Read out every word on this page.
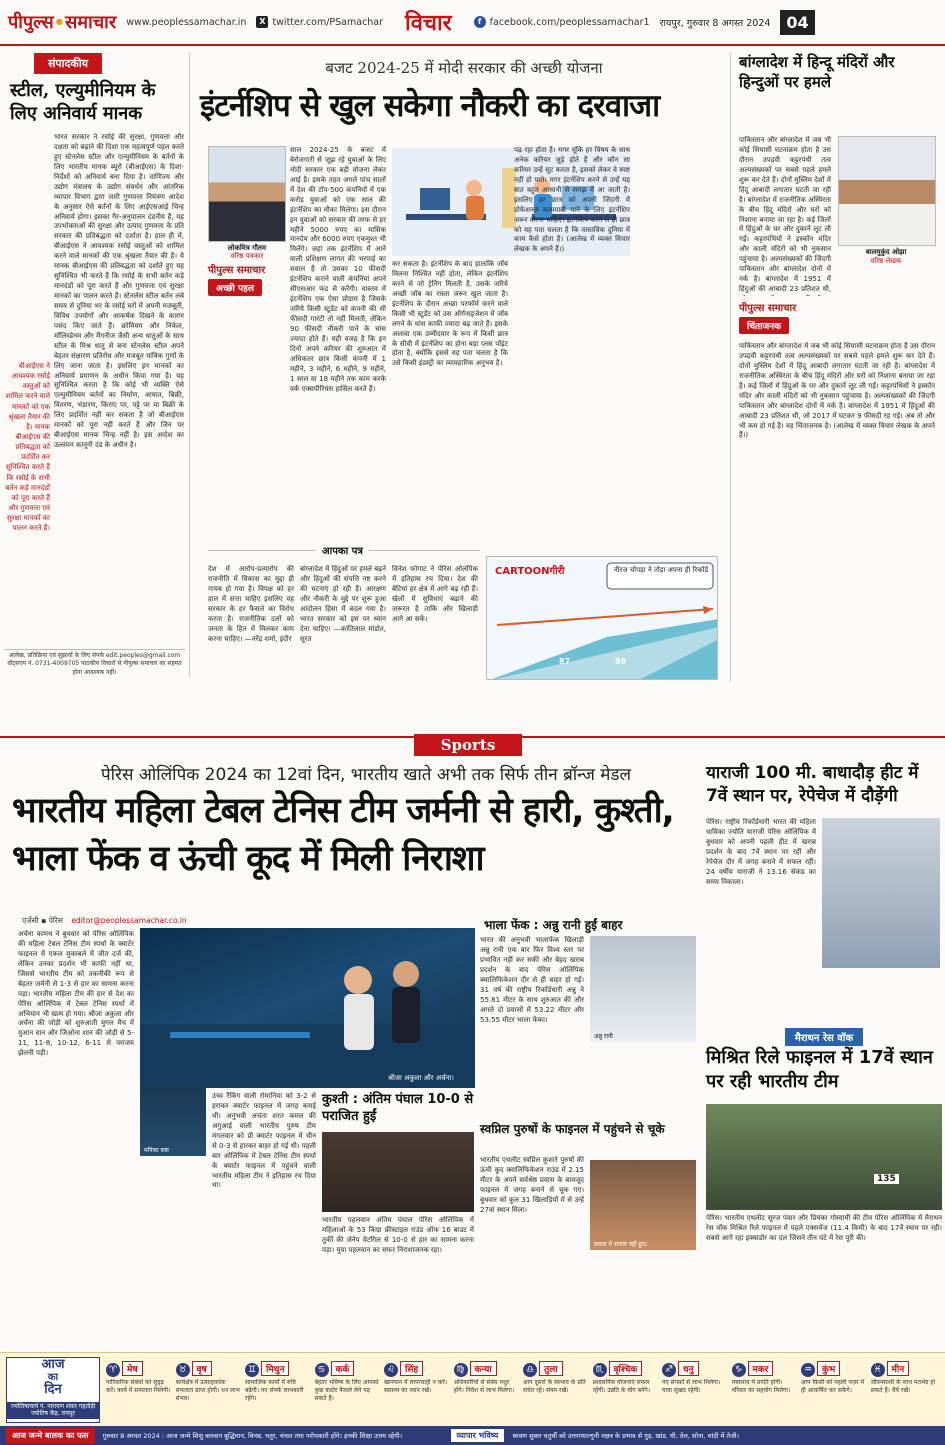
पीपुल्स•समाचार www.peoplessamachar.in	X twitter.com/PSamachar विचार	f facebook.com/peoplessamachar1 रायपुर, गुरुवार 8 अगस्त 2024	04
संपादकीय
स्टील, एल्युमीनियम के लिए अनिवार्य मानक
बीआईएस ने आवश्यक रसोई वस्तुओं को शामिल करने वाले मानकों को एक श्रृंखला तैयार की है। मानक बीआईएस की प्रतिबद्धता को प्रदर्शित कर सुनिश्चित करते हैं कि रसोई के सभी बर्तन कड़े मानदंडों को पूरा करते हैं और गुणवत्ता एवं सुरक्षा मानकों का पालन करते हैं।
भारत सरकार ने रसोई की सुरक्षा, गुणवत्ता और दक्षता को बढ़ाने की दिशा एक महत्वपूर्ण पहल करते हुए स्टेनलेस स्टील और एल्युमीनियम के बर्तनों के लिए भारतीय मानक ब्यूरो (बीआईएस) के दिशा-निर्देशों को अनिवार्य बना दिया है। वाणिज्य और उद्योग मंत्रालय के उद्योग संवर्धन और आंतरिक व्यापार विभाग द्वारा जारी गुणवत्ता नियंत्रण आदेश के अनुसार ऐसे बर्तनों के लिए आईएसआई चिन्ह अनिवार्य होगा। इसका गैर-अनुपालन दंडनीय है, यह उपभोक्ताओं की सुरक्षा और उत्पाद गुणवत्ता के प्रति सरकार की प्रतिबद्धता को दर्शाता है। हाल ही में, बीआईएस ने आवश्यक रसोई वस्तुओं को शामिल करने वाले मानकों की एक श्रृंखला तैयार की है। ये मानक बीआईएस की प्रतिबद्धता को दर्शाते हुए यह सुनिश्चित भी करते हैं कि रसोई के सभी बर्तन कड़े मानदंडों को पूरा करते हैं और गुणवत्ता एवं सुरक्षा मानकों का पालन करते हैं। स्टेनलेस स्टील बर्तन लंबे समय से दुनिया भर के रसोई घरों में अपनी मजबूती, विविध उपयोगों और आकर्षक दिखने के कारण पसंद किए जाते हैं। क्रोमियम और निकेल, मॉलिब्डेनम और मैंगनीज जैसी अन्य धातुओं के साथ स्टील के मिश्र धातु से बना स्टेनलेस स्टील अपने बेहतर संक्षारण प्रतिरोध और मजबूत यांत्रिक गुणों के लिए जाना जाता है। इसलिए इन मानकों का अनिवार्य प्रमाणन के अधीन किया गया है। यह सुनिश्चित करता है कि कोई भी व्यक्ति ऐसे एल्युमीनियम बर्तनों का निर्माण, आयात, बिक्री, वितरण, भंडारण, किराए पर, पट्टे पर या बिक्री के लिए प्रदर्शित नहीं कर सकता है जो बीआईएस मानकों को पूरा नहीं करते हैं और जिन पर बीआईएस मानक चिन्ह नहीं है। इस आदेश का उल्लंघन कानूनी दंड के अधीन है।
आलेख, प्रतिक्रिया एवं सुझावों के लिए संपर्क edit.peoples@gmail.com वॉट्सएप नं. 0731-4009705 पाठकीय विचारों से पीपुल्स समाचार का सहमत होना आवश्यक नहीं।
बजट 2024-25 में मोदी सरकार की अच्छी योजना
इंटर्नशिप से खुल सकेगा नौकरी का दरवाजा
लोकमित्र गौतम
वरिष्ठ पत्रकार
पीपुल्स समाचार
अच्छी पहल
साल 2024-25 के बजट में बेरोजगारी से जूझ रहे युवाओं के लिए मोदी सरकार एक बड़ी योजना लेकर आई है। इसके तहत अगले पांच सालों में देश की टॉप-500 कंपनियों में एक करोड़ युवाओं को एक साल की इंटर्नशिप का मौका मिलेगा। इस दौरान इन युवाओं को सरकार की तरफ से हर महीने 5000 रुपए का मासिक मानदेय और 6000 रुपए एकमुश्त भी मिलेंगे। जहां तक इंटर्नशिप में आने वाली प्रशिक्षण लागत की भरपाई का सवाल है तो उसका 10 फीसदी इंटर्नशिप कराने वाली कंपनियां अपने सीएसआर फंड से करेंगी। वास्तव में इंटर्नशिप एक ऐसा प्रोग्राम है जिसके जरिये किसी स्टूडेंट को कंपनी की सी फीसदी गारंटी तो नहीं मिलती, लेकिन 90 फीसदी नौकरी पाने के चांस ज्यादा होते हैं। यही वजह है कि इन दिनों अपने करियर की शुरुआत में अधिकतर छात्र किसी कंपनी में 1 महीने, 3 महीने, 6 महीने, 9 महीने, 1 साल या 18 महीने तक काम करके वर्क एक्सपीरियंस हासिल करते हैं।
कर सकता है। इंटर्नशिप के बाद हालांकि जॉब मिलना निश्चित नहीं होता, लेकिन इंटर्नशिप करने से जो ट्रेनिंग मिलती है, उसके जरिये अच्छी जॉब का रास्ता जरूर खुल जाता है। इंटर्नशिप के दौरान अच्छा परफॉर्म करने वाले किसी भी स्टूडेंट को उस ऑर्गनाइजेशन में जॉब लगने के चांस काफी ज्यादा बढ़ जाते हैं। इसके अलावा एक उम्मीदवार के रूप में किसी छात्र के सीवी में इंटर्नशिप का होना बड़ा प्लस पॉइंट होता है, क्योंकि इससे यह पता चलता है कि उसे किसी इंडस्ट्री का व्यावहारिक अनुभव है।
पढ़ रहा होता है। मगर चूंकि हर विषय के साथ अनेक करियर जुड़े होते हैं और कौन सा करियर उन्हें सूट करता है, इसको लेकर वे स्पष्ट नहीं हो पाते। मगर इंटर्नशिप करने से उन्हें यह बात बहुत आसानी से समझ में आ जाती है। इसलिए हर छात्र को अपनी जिंदगी में प्रोफेशनल कामयाबी पाने के लिए इंटर्नशिप जरूर करना चाहिए। इंटर्नशिप करने से ही छात्र को यह पता चलता है कि वास्तविक दुनिया में काम कैसे होता है। (आलेख में व्यक्त विचार लेखक के अपने हैं।)
आपका पत्र
देश में आरोप-प्रत्यारोप की राजनीति में विकास का मुद्दा ही गायब हो गया है। विपक्ष को हर हाल में सत्ता चाहिए इसलिए वह सरकार के हर फैसले का विरोध करता है। राजनीतिक दलों को जनता के हित में मिलकर काम करना चाहिए। —नरेंद्र शर्मा, इंदौर
बांग्लादेश में हिंदुओं पर हमले बढ़ने और हिंदुओं की संपत्ति नष्ट करने की घटनाएं हो रही हैं। आरक्षण और नौकरी के मुद्दे पर शुरू हुआ आंदोलन हिंसा में बदल गया है। भारत सरकार को इस पर ध्यान देना चाहिए। —कांतिलाल मांडोत, सूरत
विनेश फोगाट ने पेरिस ओलंपिक में इतिहास रच दिया। देश की बेटियां हर क्षेत्र में आगे बढ़ रही हैं। खेलों में सुविधाएं बढ़ाने की जरूरत है ताकि और खिलाड़ी आगे आ सकें।
CARTOONगीरी	नीरज चोपड़ा ने तोड़ा अपना ही रिकॉर्ड
87	89
बांग्लादेश में हिन्दू मंदिरों और हिन्दुओं पर हमले
बालमुकुंद ओझा
वरिष्ठ लेखक
पीपुल्स समाचार
चिंताजनक
पाकिस्तान और बांग्लादेश में जब भी कोई सियासी घटनाक्रम होता है उस दौरान उपद्रवी कट्टरपंथी तत्व अल्पसंख्यकों पर सबसे पहले हमले शुरू कर देते हैं। दोनों मुस्लिम देशों में हिंदू आबादी लगातार घटती जा रही है। बांग्लादेश में राजनीतिक अस्थिरता के बीच हिंदू मंदिरों और घरों को निशाना बनाया जा रहा है। कई जिलों में हिंदुओं के घर और दुकानें लूट ली गईं। कट्टरपंथियों ने इस्कॉन मंदिर और काली मंदिरों को भी नुकसान पहुंचाया है। अल्पसंख्यकों की जिंदगी पाकिस्तान और बांग्लादेश दोनों में नर्क है। बांग्लादेश में 1951 में हिंदुओं की आबादी 23 प्रतिशत थी,
पाकिस्तान और बांग्लादेश में जब भी कोई सियासी घटनाक्रम होता है उस दौरान उपद्रवी कट्टरपंथी तत्व अल्पसंख्यकों पर सबसे पहले हमले शुरू कर देते हैं। दोनों मुस्लिम देशों में हिंदू आबादी लगातार घटती जा रही है। बांग्लादेश में राजनीतिक अस्थिरता के बीच हिंदू मंदिरों और घरों को निशाना बनाया जा रहा है। कई जिलों में हिंदुओं के घर और दुकानें लूट ली गईं। कट्टरपंथियों ने इस्कॉन मंदिर और काली मंदिरों को भी नुकसान पहुंचाया है। अल्पसंख्यकों की जिंदगी पाकिस्तान और बांग्लादेश दोनों में नर्क है। बांग्लादेश में 1951 में हिंदुओं की आबादी 23 प्रतिशत थी, जो 2017 में घटकर 9 फीसदी रह गई। अब तो और भी कम हो गई है। यह चिंताजनक है। (आलेख में व्यक्त विचार लेखक के अपने हैं।)
Sports
पेरिस ओलिंपिक 2024 का 12वां दिन, भारतीय खाते अभी तक सिर्फ तीन ब्रॉन्ज मेडल
भारतीय महिला टेबल टेनिस टीम जर्मनी से हारी, कुश्ती, भाला फेंक व ऊंची कूद में मिली निराशा
एजेंसी ▪ पेरिस editor@peoplessamachar.co.in
अर्चना कामथ ने बुधवार को पेरिस ओलिंपिक की महिला टेबल टेनिस टीम स्पर्धा के क्वार्टर फाइनल में एकल मुकाबले में जीत दर्ज की, लेकिन उनका प्रदर्शन भी काफी नहीं था, जिससे भारतीय टीम को तकनीकी रूप से बेहतर जर्मनी से 1-3 से हार का सामना करना पड़ा। भारतीय महिला टीम की हार से देश का पेरिस ओलिंपिक में टेबल टेनिस स्पर्धा में अभियान भी खत्म हो गया। श्रीजा अकुला और अर्चना की जोड़ी को शुरुआती युगल मैच में युआन वान और जिओना शान की जोड़ी से 5-11, 11-8, 10-12, 6-11 से पराजय झेलनी पड़ी।
श्रीजा अकुला और अर्चना।
मनिका बत्रा
उच्च रैंकिंग वाली रोमानिया को 3-2 से हराकर क्वार्टर फाइनल में जगह बनाई थी। अनुभवी अचंता शरत कमल की अगुआई वाली भारतीय पुरुष टीम मंगलवार को प्री क्वार्टर फाइनल में चीन से 0-3 से हारकर बाहर हो गई थी। पहली बार ओलिंपिक में टेबल टेनिस टीम स्पर्धा के क्वार्टर फाइनल में पहुंचने वाली भारतीय महिला टीम ने इतिहास रच दिया था।
कुश्ती : अंतिम पंघाल 10-0 से पराजित हुईं
भारतीय पहलवान अंतिम पंघाल पेरिस ओलिंपिक में महिलाओं के 53 किग्रा फ्रीस्टाइल राउंड ऑफ 16 बाउट में तुर्की की जेनेप येटगिल से 10-0 से हार का सामना करना पड़ा। युवा पहलवान का सफर निराशाजनक रहा।
भाला फेंक : अन्नु रानी हुईं बाहर
भारत की अनुभवी भालाफेंक खिलाड़ी अन्नु रानी एक बार फिर विश्व स्तर पर प्रभावित नहीं कर सकीं और बेहद खराब प्रदर्शन के बाद पेरिस ओलिंपिक क्वालिफिकेशन दौर से ही बाहर हो गईं। 31 वर्ष की राष्ट्रीय रिकॉर्डधारी अन्नु ने 55.81 मीटर के साथ शुरुआत की और अगले दो प्रयासों में 53.22 मीटर और 53.55 मीटर भाला फेंका।
अन्नु रानी
स्वप्निल पुरुषों के फाइनल में पहुंचने से चूके
भारतीय एथलीट स्वप्निल कुशारे पुरुषों की ऊंची कूद क्वालिफिकेशन राउंड में 2.15 मीटर के अपने सर्वश्रेष्ठ प्रयास के बावजूद फाइनल में जगह बनाने से चूक गए। बुधवार को कुल 31 खिलाड़ियों में से उन्हें 27वां स्थान मिला।
प्रयास में सफल नहीं हुए।
याराजी 100 मी. बाधादौड़ हीट में 7वें स्थान पर, रेपेचेज में दौड़ेंगी
पेरिस। राष्ट्रीय रिकॉर्डधारी भारत की महिला धाविका ज्योति याराजी पेरिस ओलिंपिक में बुधवार को अपनी पहली हीट में खराब प्रदर्शन के बाद 7वें स्थान पर रहीं और रेपेचेज दौर में जगह बनाने में सफल रहीं। 24 वर्षीय याराजी ने 13.16 सेकंड का समय निकाला।
मैराथन रेस वॉक
मिश्रित रिले फाइनल में 17वें स्थान पर रही भारतीय टीम
135
पेरिस। भारतीय एथलीट सूरज पंवार और प्रियंका गोस्वामी की टीम पेरिस ओलिंपिक में मैराथन रेस वॉक मिश्रित रिले फाइनल में पहले एक्सचेंज (11.4 किमी) के बाद 17वें स्थान पर रही। सबसे आगे रहा इक्वाडोर का दल जिसने तीन घंटे में रेस पूरी की।
आज
का
दिन
ज्योतिषाचार्य पं. नारायण शंकर गहतोड़ी ज्योतिष केंद्र, रायपुर
♈ मेष
पारिवारिक संबंधों को सुदृढ़ करें। कार्य में सफलता मिलेगी।
♉ वृष
कार्यक्षेत्र में उत्साहवर्धक सफलता प्राप्त होगी। धन लाभ संभव।
♊ मिथुन
सामाजिक कार्यों में रुचि बढ़ेगी। नए संपर्क लाभकारी रहेंगे।
♋ कर्क
बेहतर भविष्य के लिए आपको कुछ कठोर फैसले लेने पड़ सकते हैं।
♌ सिंह
खानपान में लापरवाही न करें। स्वास्थ्य का ध्यान रखें।
♍ कन्या
अधिकारियों से संबंध मधुर होंगे। निवेश से लाभ मिलेगा।
♎ तुला
आप दूसरों के स्वभाव के प्रति सचेत रहें। संयम रखें।
♏ वृश्चिक
प्रशासनिक योजनाएं सफल रहेंगी। उन्नति के योग बनेंगे।
♐ धनु
नए संपर्कों से लाभ मिलेगा। यात्रा सुखद रहेगी।
♑ मकर
व्यवसाय में प्रगति होगी। परिवार का सहयोग मिलेगा।
♒ कुंभ
आप किसी को पहली नज़र में ही आकर्षित कर सकेंगे।
♓ मीन
जीवनसाथी के साथ मतभेद हो सकते हैं। धैर्य रखें।
आज जन्मे बालक का फल	गुरुवार 8 अगस्त 2024 : आज जन्मे शिशु बलवान बुद्धिमान, विनम्र, चतुर, चंचल तथा परोपकारी होंगे। इनकी शिक्षा उत्तम रहेगी।	व्यापार भविष्य	श्रावण शुक्ल चतुर्थी को उत्तराफाल्गुनी नक्षत्र के प्रभाव से गुड़, खांड, घी, तेल, सोना, चांदी में तेजी।
